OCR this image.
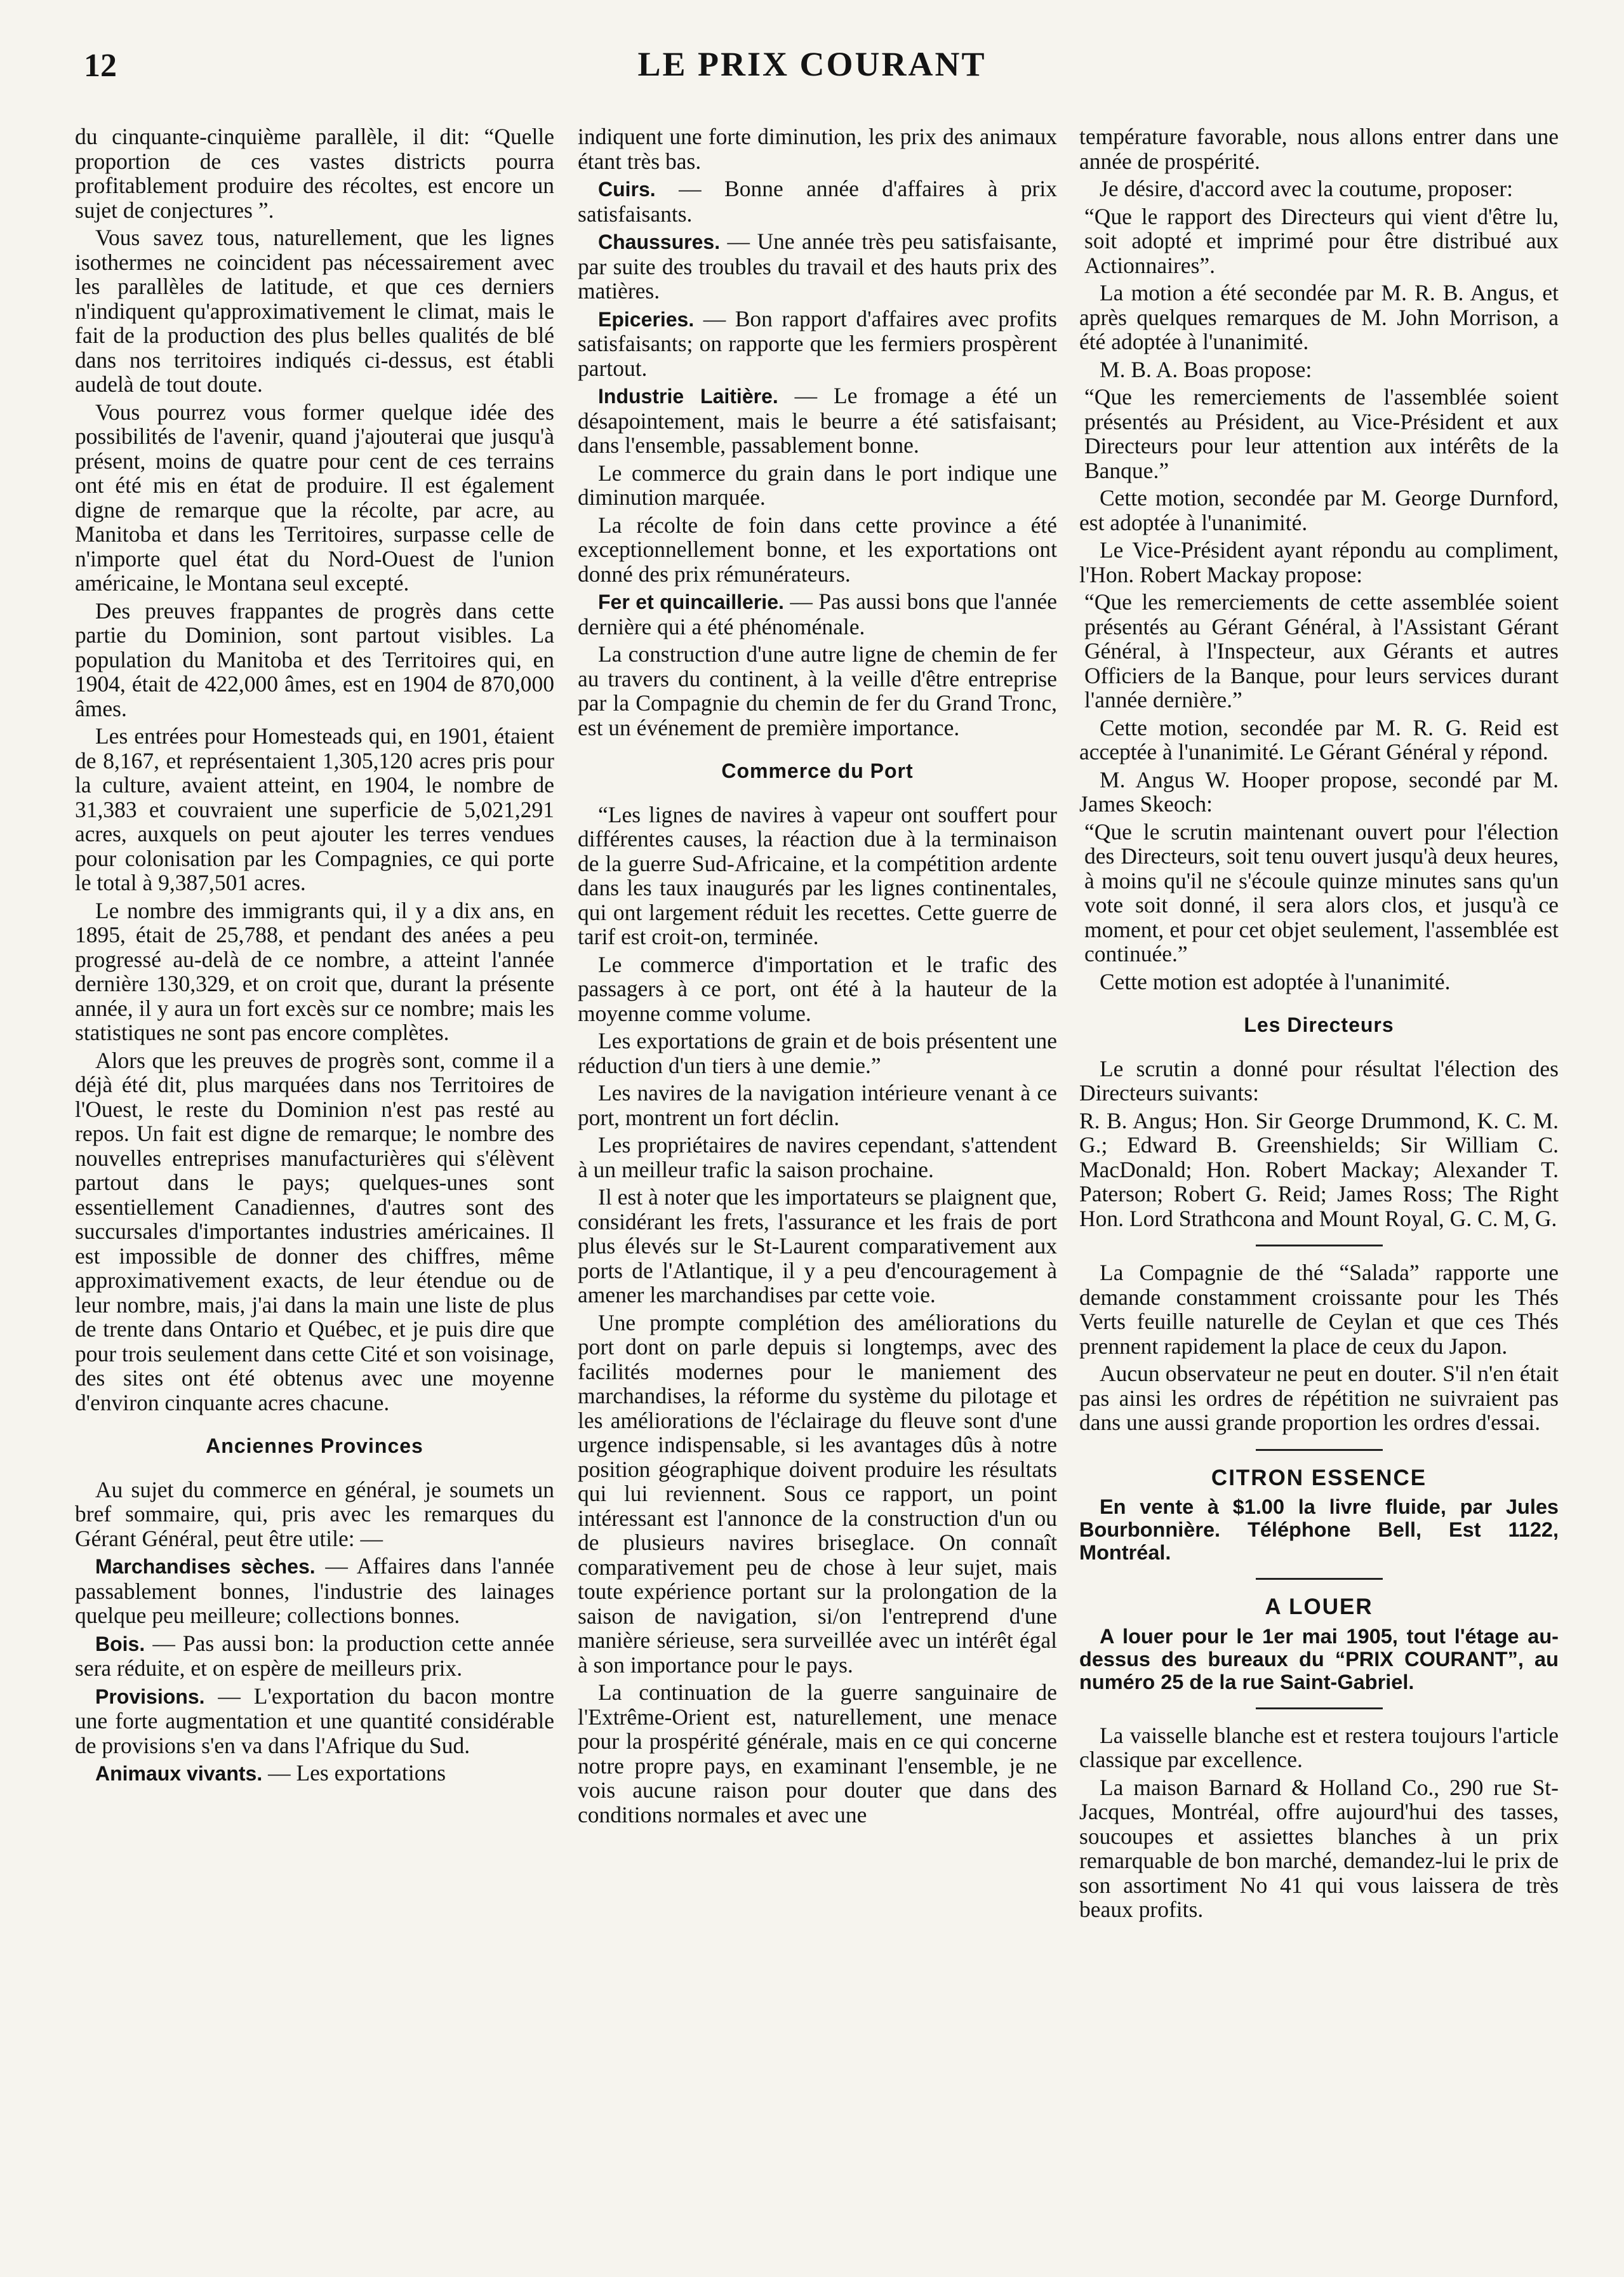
12	LE PRIX COURANT

du cinquante-cinquième parallèle, il dit: “Quelle proportion de ces vastes districts pourra profitablement produire des récoltes, est encore un sujet de conjectures ”.

Vous savez tous, naturellement, que les lignes isothermes ne coincident pas nécessairement avec les parallèles de latitude, et que ces derniers n'indiquent qu'approximativement le climat, mais le fait de la production des plus belles qualités de blé dans nos territoires indiqués ci-dessus, est établi audelà de tout doute.

Vous pourrez vous former quelque idée des possibilités de l'avenir, quand j'ajouterai que jusqu'à présent, moins de quatre pour cent de ces terrains ont été mis en état de produire. Il est également digne de remarque que la récolte, par acre, au Manitoba et dans les Territoires, surpasse celle de n'importe quel état du Nord-Ouest de l'union américaine, le Montana seul excepté.

Des preuves frappantes de progrès dans cette partie du Dominion, sont partout visibles. La population du Manitoba et des Territoires qui, en 1904, était de 422,000 âmes, est en 1904 de 870,000 âmes.

Les entrées pour Homesteads qui, en 1901, étaient de 8,167, et représentaient 1,305,120 acres pris pour la culture, avaient atteint, en 1904, le nombre de 31,383 et couvraient une superficie de 5,021,291 acres, auxquels on peut ajouter les terres vendues pour colonisation par les Compagnies, ce qui porte le total à 9,387,501 acres.

Le nombre des immigrants qui, il y a dix ans, en 1895, était de 25,788, et pendant des anées a peu progressé au-delà de ce nombre, a atteint l'année dernière 130,329, et on croit que, durant la présente année, il y aura un fort excès sur ce nombre; mais les statistiques ne sont pas encore complètes.

Alors que les preuves de progrès sont, comme il a déjà été dit, plus marquées dans nos Territoires de l'Ouest, le reste du Dominion n'est pas resté au repos. Un fait est digne de remarque; le nombre des nouvelles entreprises manufacturières qui s'élèvent partout dans le pays; quelques-unes sont essentiellement Canadiennes, d'autres sont des succursales d'importantes industries américaines. Il est impossible de donner des chiffres, même approximativement exacts, de leur étendue ou de leur nombre, mais, j'ai dans la main une liste de plus de trente dans Ontario et Québec, et je puis dire que pour trois seulement dans cette Cité et son voisinage, des sites ont été obtenus avec une moyenne d'environ cinquante acres chacune.

Anciennes Provinces

Au sujet du commerce en général, je soumets un bref sommaire, qui, pris avec les remarques du Gérant Général, peut être utile: —

Marchandises sèches. — Affaires dans l'année passablement bonnes, l'industrie des lainages quelque peu meilleure; collections bonnes.

Bois. — Pas aussi bon: la production cette année sera réduite, et on espère de meilleurs prix.

Provisions. — L'exportation du bacon montre une forte augmentation et une quantité considérable de provisions s'en va dans l'Afrique du Sud.

Animaux vivants. — Les exportations

indiquent une forte diminution, les prix des animaux étant très bas.

Cuirs. — Bonne année d'affaires à prix satisfaisants.

Chaussures. — Une année très peu satisfaisante, par suite des troubles du travail et des hauts prix des matières.

Epiceries. — Bon rapport d'affaires avec profits satisfaisants; on rapporte que les fermiers prospèrent partout.

Industrie Laitière. — Le fromage a été un désapointement, mais le beurre a été satisfaisant; dans l'ensemble, passablement bonne.

Le commerce du grain dans le port indique une diminution marquée.

La récolte de foin dans cette province a été exceptionnellement bonne, et les exportations ont donné des prix rémunérateurs.

Fer et quincaillerie. — Pas aussi bons que l'année dernière qui a été phénoménale.

La construction d'une autre ligne de chemin de fer au travers du continent, à la veille d'être entreprise par la Compagnie du chemin de fer du Grand Tronc, est un événement de première importance.

Commerce du Port

“Les lignes de navires à vapeur ont souffert pour différentes causes, la réaction due à la terminaison de la guerre Sud-Africaine, et la compétition ardente dans les taux inaugurés par les lignes continentales, qui ont largement réduit les recettes. Cette guerre de tarif est croit-on, terminée.

Le commerce d'importation et le trafic des passagers à ce port, ont été à la hauteur de la moyenne comme volume.

Les exportations de grain et de bois présentent une réduction d'un tiers à une demie.”

Les navires de la navigation intérieure venant à ce port, montrent un fort déclin.

Les propriétaires de navires cependant, s'attendent à un meilleur trafic la saison prochaine.

Il est à noter que les importateurs se plaignent que, considérant les frets, l'assurance et les frais de port plus élevés sur le St-Laurent comparativement aux ports de l'Atlantique, il y a peu d'encouragement à amener les marchandises par cette voie.

Une prompte complétion des améliorations du port dont on parle depuis si longtemps, avec des facilités modernes pour le maniement des marchandises, la réforme du système du pilotage et les améliorations de l'éclairage du fleuve sont d'une urgence indispensable, si les avantages dûs à notre position géographique doivent produire les résultats qui lui reviennent. Sous ce rapport, un point intéressant est l'annonce de la construction d'un ou de plusieurs navires briseglace. On connaît comparativement peu de chose à leur sujet, mais toute expérience portant sur la prolongation de la saison de navigation, si/on l'entreprend d'une manière sérieuse, sera surveillée avec un intérêt égal à son importance pour le pays.

La continuation de la guerre sanguinaire de l'Extrême-Orient est, naturellement, une menace pour la prospérité générale, mais en ce qui concerne notre propre pays, en examinant l'ensemble, je ne vois aucune raison pour douter que dans des conditions normales et avec une

température favorable, nous allons entrer dans une année de prospérité.

Je désire, d'accord avec la coutume, proposer:

“Que le rapport des Directeurs qui vient d'être lu, soit adopté et imprimé pour être distribué aux Actionnaires”.

La motion a été secondée par M. R. B. Angus, et après quelques remarques de M. John Morrison, a été adoptée à l'unanimité.

M. B. A. Boas propose:

“Que les remerciements de l'assemblée soient présentés au Président, au Vice-Président et aux Directeurs pour leur attention aux intérêts de la Banque.”

Cette motion, secondée par M. George Durnford, est adoptée à l'unanimité.

Le Vice-Président ayant répondu au compliment, l'Hon. Robert Mackay propose:

“Que les remerciements de cette assemblée soient présentés au Gérant Général, à l'Assistant Gérant Général, à l'Inspecteur, aux Gérants et autres Officiers de la Banque, pour leurs services durant l'année dernière.”

Cette motion, secondée par M. R. G. Reid est acceptée à l'unanimité. Le Gérant Général y répond.

M. Angus W. Hooper propose, secondé par M. James Skeoch:

“Que le scrutin maintenant ouvert pour l'élection des Directeurs, soit tenu ouvert jusqu'à deux heures, à moins qu'il ne s'écoule quinze minutes sans qu'un vote soit donné, il sera alors clos, et jusqu'à ce moment, et pour cet objet seulement, l'assemblée est continuée.”

Cette motion est adoptée à l'unanimité.

Les Directeurs

Le scrutin a donné pour résultat l'élection des Directeurs suivants:

R. B. Angus; Hon. Sir George Drummond, K. C. M. G.; Edward B. Greenshields; Sir William C. MacDonald; Hon. Robert Mackay; Alexander T. Paterson; Robert G. Reid; James Ross; The Right Hon. Lord Strathcona and Mount Royal, G. C. M, G.

La Compagnie de thé “Salada” rapporte une demande constamment croissante pour les Thés Verts feuille naturelle de Ceylan et que ces Thés prennent rapidement la place de ceux du Japon.

Aucun observateur ne peut en douter. S'il n'en était pas ainsi les ordres de répétition ne suivraient pas dans une aussi grande proportion les ordres d'essai.

CITRON ESSENCE

En vente à $1.00 la livre fluide, par Jules Bourbonnière. Téléphone Bell, Est 1122, Montréal.

A LOUER

A louer pour le 1er mai 1905, tout l'étage au-dessus des bureaux du “PRIX COURANT”, au numéro 25 de la rue Saint-Gabriel.

La vaisselle blanche est et restera toujours l'article classique par excellence.

La maison Barnard & Holland Co., 290 rue St-Jacques, Montréal, offre aujourd'hui des tasses, soucoupes et assiettes blanches à un prix remarquable de bon marché, demandez-lui le prix de son assortiment No 41 qui vous laissera de très beaux profits.
